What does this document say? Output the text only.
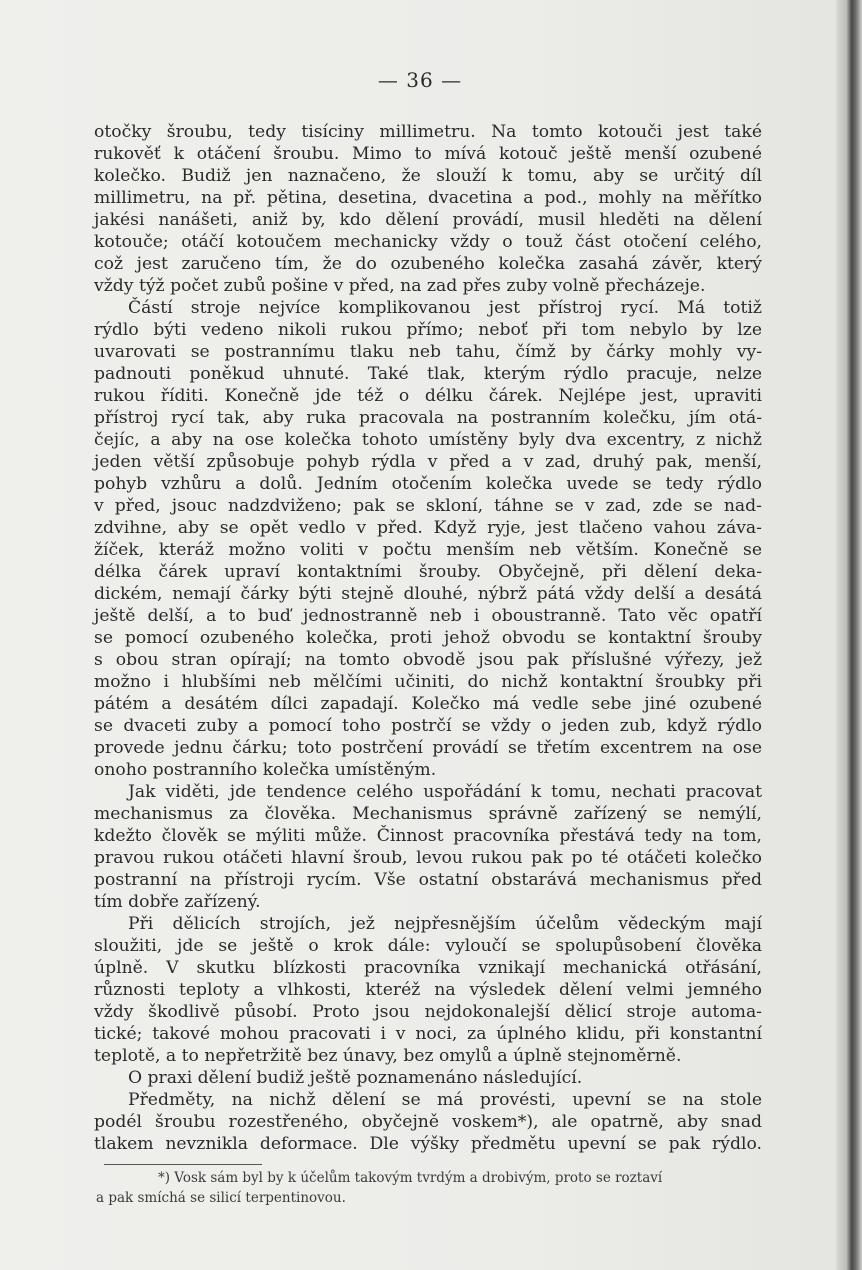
— 36 —
otočky šroubu, tedy tisíciny millimetru. Na tomto kotouči jest také
rukověť k otáčení šroubu. Mimo to mívá kotouč ještě menší ozubené
kolečko. Budiž jen naznačeno, že slouží k tomu, aby se určitý díl
millimetru, na př. pětina, desetina, dvacetina a pod., mohly na měřítko
jakési nanášeti, aniž by, kdo dělení provádí, musil hleděti na dělení
kotouče; otáčí kotoučem mechanicky vždy o touž část otočení celého,
což jest zaručeno tím, že do ozubeného kolečka zasahá závěr, který
vždy týž počet zubů pošine v před, na zad přes zuby volně přecházeje.
Částí stroje nejvíce komplikovanou jest přístroj rycí. Má totiž
rýdlo býti vedeno nikoli rukou přímo; neboť při tom nebylo by lze
uvarovati se postrannímu tlaku neb tahu, čímž by čárky mohly vy-
padnouti poněkud uhnuté. Také tlak, kterým rýdlo pracuje, nelze
rukou říditi. Konečně jde též o délku čárek. Nejlépe jest, upraviti
přístroj rycí tak, aby ruka pracovala na postranním kolečku, jím otá-
čejíc, a aby na ose kolečka tohoto umístěny byly dva excentry, z nichž
jeden větší způsobuje pohyb rýdla v před a v zad, druhý pak, menší,
pohyb vzhůru a dolů. Jedním otočením kolečka uvede se tedy rýdlo
v před, jsouc nadzdviženo; pak se skloní, táhne se v zad, zde se nad-
zdvihne, aby se opět vedlo v před. Když ryje, jest tlačeno vahou záva-
žíček, kteráž možno voliti v počtu menším neb větším. Konečně se
délka čárek upraví kontaktními šrouby. Obyčejně, při dělení deka-
dickém, nemají čárky býti stejně dlouhé, nýbrž pátá vždy delší a desátá
ještě delší, a to buď jednostranně neb i oboustranně. Tato věc opatří
se pomocí ozubeného kolečka, proti jehož obvodu se kontaktní šrouby
s obou stran opírají; na tomto obvodě jsou pak příslušné výřezy, jež
možno i hlubšími neb mělčími učiniti, do nichž kontaktní šroubky při
pátém a desátém dílci zapadají. Kolečko má vedle sebe jiné ozubené
se dvaceti zuby a pomocí toho postrčí se vždy o jeden zub, když rýdlo
provede jednu čárku; toto postrčení provádí se třetím excentrem na ose
onoho postranního kolečka umístěným.
Jak viděti, jde tendence celého uspořádání k tomu, nechati pracovat
mechanismus za člověka. Mechanismus správně zařízený se nemýlí,
kdežto člověk se mýliti může. Činnost pracovníka přestává tedy na tom,
pravou rukou otáčeti hlavní šroub, levou rukou pak po té otáčeti kolečko
postranní na přístroji rycím. Vše ostatní obstarává mechanismus před
tím dobře zařízený.
Při dělicích strojích, jež nejpřesnějším účelům vědeckým mají
sloužiti, jde se ještě o krok dále: vyloučí se spolupůsobení člověka
úplně. V skutku blízkosti pracovníka vznikají mechanická otřásání,
různosti teploty a vlhkosti, kteréž na výsledek dělení velmi jemného
vždy škodlivě působí. Proto jsou nejdokonalejší dělicí stroje automa-
tické; takové mohou pracovati i v noci, za úplného klidu, při konstantní
teplotě, a to nepřetržitě bez únavy, bez omylů a úplně stejnoměrně.
O praxi dělení budiž ještě poznamenáno následující.
Předměty, na nichž dělení se má provésti, upevní se na stole
podél šroubu rozestřeného, obyčejně voskem*), ale opatrně, aby snad
tlakem nevznikla deformace. Dle výšky předmětu upevní se pak rýdlo.
*) Vosk sám byl by k účelům takovým tvrdým a drobivým, proto se roztaví
a pak smíchá se silicí terpentinovou.
